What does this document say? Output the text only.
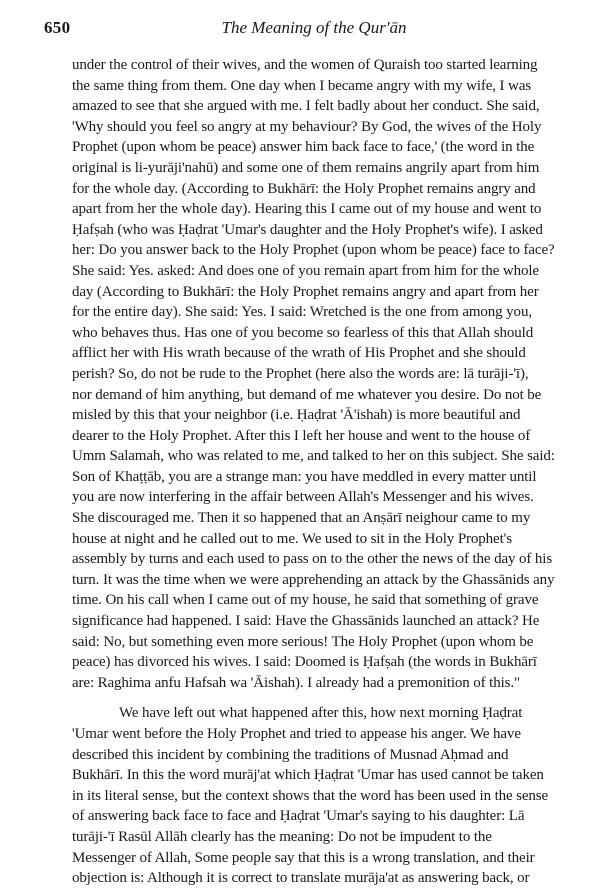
650	The Meaning of the Qur'ān
under the control of their wives, and the women of Quraish too started learning
the same thing from them. One day when I became angry with my wife, I was
amazed to see that she argued with me. I felt badly about her conduct. She said,
'Why should you feel so angry at my behaviour? By God, the wives of the Holy
Prophet (upon whom be peace) answer him back face to face,' (the word in the
original is li-yurāji'nahū) and some one of them remains angrily apart from him
for the whole day. (According to Bukhārī: the Holy Prophet remains angry and
apart from her the whole day). Hearing this I came out of my house and went to
Ḥafṣah (who was Ḥaḍrat 'Umar's daughter and the Holy Prophet's wife). I asked
her: Do you answer back to the Holy Prophet (upon whom be peace) face to face?
She said: Yes. asked: And does one of you remain apart from him for the whole
day (According to Bukhārī: the Holy Prophet remains angry and apart from her
for the entire day). She said: Yes. I said: Wretched is the one from among you,
who behaves thus. Has one of you become so fearless of this that Allah should
afflict her with His wrath because of the wrath of His Prophet and she should
perish? So, do not be rude to the Prophet (here also the words are: lā turāji-'ī),
nor demand of him anything, but demand of me whatever you desire. Do not be
misled by this that your neighbor (i.e. Ḥaḍrat 'Ā'ishah) is more beautiful and
dearer to the Holy Prophet. After this I left her house and went to the house of
Umm Salamah, who was related to me, and talked to her on this subject. She said:
Son of Khaṭṭāb, you are a strange man: you have meddled in every matter until
you are now interfering in the affair between Allah's Messenger and his wives.
She discouraged me. Then it so happened that an Anṣārī neighour came to my
house at night and he called out to me. We used to sit in the Holy Prophet's
assembly by turns and each used to pass on to the other the news of the day of his
turn. It was the time when we were apprehending an attack by the Ghassānids any
time. On his call when I came out of my house, he said that something of grave
significance had happened. I said: Have the Ghassānids launched an attack? He
said: No, but something even more serious! The Holy Prophet (upon whom be
peace) has divorced his wives. I said: Doomed is Ḥafṣah (the words in Bukhārī
are: Raghima anfu Hafsah wa 'Āishah). I already had a premonition of this."
We have left out what happened after this, how next morning Ḥaḍrat
'Umar went before the Holy Prophet and tried to appease his anger. We have
described this incident by combining the traditions of Musnad Aḥmad and
Bukhārī. In this the word murāj'at which Ḥaḍrat 'Umar has used cannot be taken
in its literal sense, but the context shows that the word has been used in the sense
of answering back face to face and Ḥaḍrat 'Umar's saying to his daughter: Lā
turāji-'ī Rasūl Allāh clearly has the meaning: Do not be impudent to the
Messenger of Allah, Some people say that this is a wrong translation, and their
objection is: Although it is correct to translate murāja'at as answering back, or
